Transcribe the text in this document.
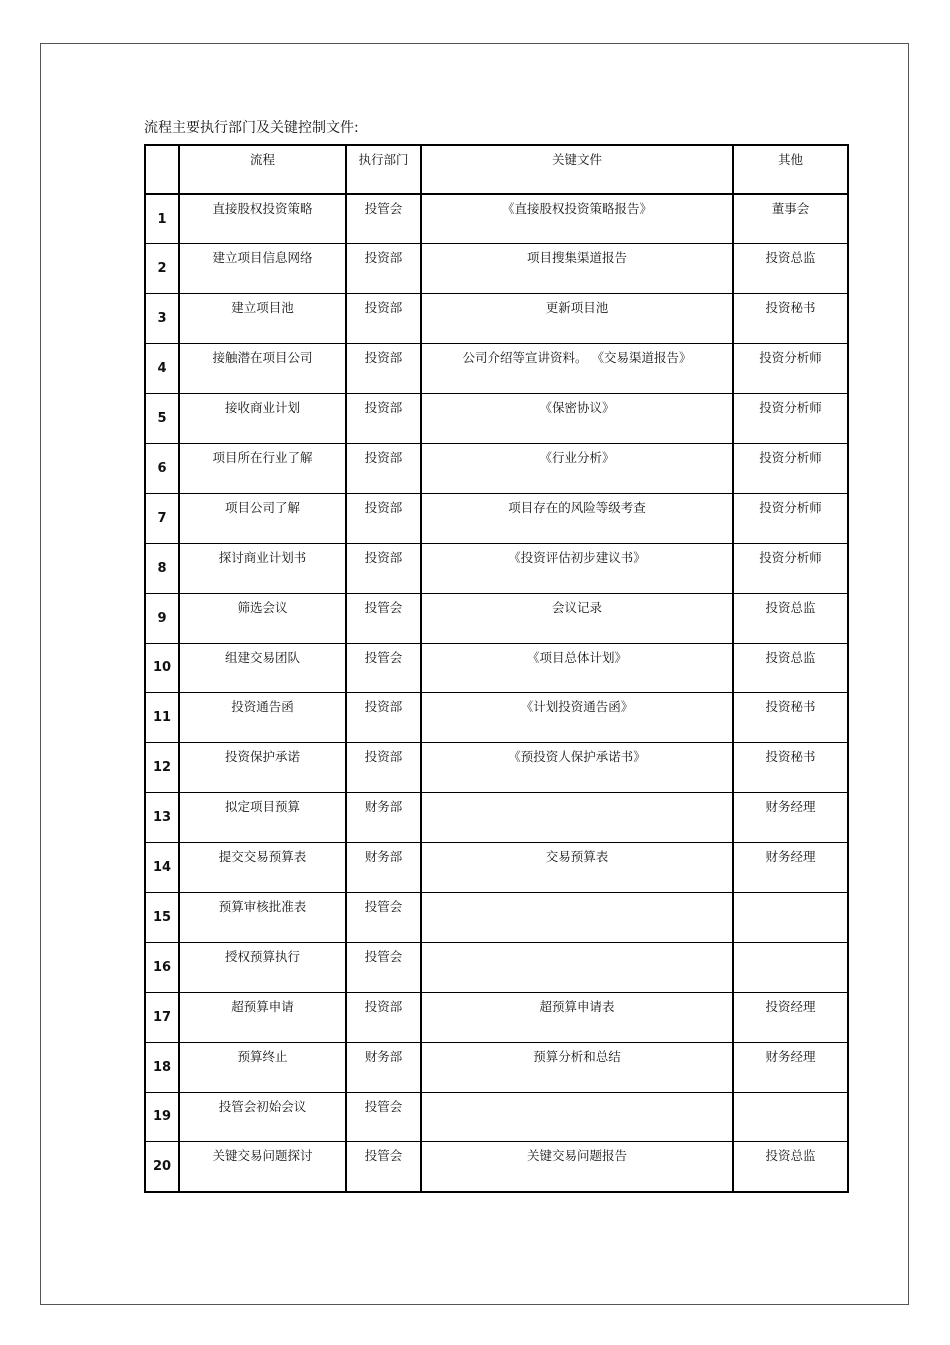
流程主要执行部门及关键控制文件:
	流程	执行部门	关键文件	其他
1	直接股权投资策略	投管会	《直接股权投资策略报告》	董事会
2	建立项目信息网络	投资部	项目搜集渠道报告	投资总监
3	建立项目池	投资部	更新项目池	投资秘书
4	接触潜在项目公司	投资部	公司介绍等宣讲资料。 《交易渠道报告》	投资分析师
5	接收商业计划	投资部	《保密协议》	投资分析师
6	项目所在行业了解	投资部	《行业分析》	投资分析师
7	项目公司了解	投资部	项目存在的风险等级考查	投资分析师
8	探讨商业计划书	投资部	《投资评估初步建议书》	投资分析师
9	筛选会议	投管会	会议记录	投资总监
10	组建交易团队	投管会	《项目总体计划》	投资总监
11	投资通告函	投资部	《计划投资通告函》	投资秘书
12	投资保护承诺	投资部	《预投资人保护承诺书》	投资秘书
13	拟定项目预算	财务部		财务经理
14	提交交易预算表	财务部	交易预算表	财务经理
15	预算审核批准表	投管会		
16	授权预算执行	投管会		
17	超预算申请	投资部	超预算申请表	投资经理
18	预算终止	财务部	预算分析和总结	财务经理
19	投管会初始会议	投管会		
20	关键交易问题探讨	投管会	关键交易问题报告	投资总监
